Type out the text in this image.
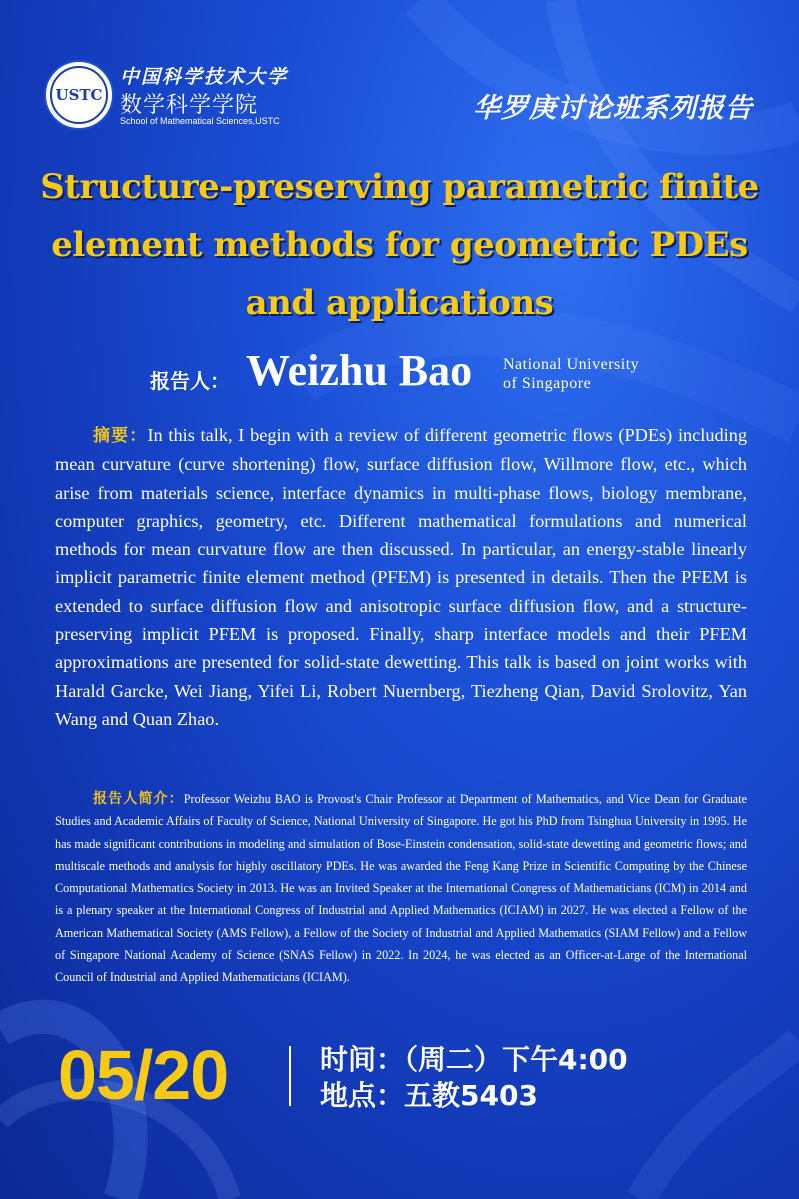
USTC
中国科学技术大学
数学科学学院
School of Mathematical Sciences,USTC	华罗庚讨论班系列报告
Structure-preserving parametric finite element methods for geometric PDEs and applications
报告人： Weizhu Bao National University
of Singapore
摘要：In this talk, I begin with a review of different geometric flows (PDEs) including mean curvature (curve shortening) flow, surface diffusion flow, Willmore flow, etc., which arise from materials science, interface dynamics in multi-phase flows, biology membrane, computer graphics, geometry, etc. Different mathematical formulations and numerical methods for mean curvature flow are then discussed. In particular, an energy-stable linearly implicit parametric finite element method (PFEM) is presented in details. Then the PFEM is extended to surface diffusion flow and anisotropic surface diffusion flow, and a structure-preserving implicit PFEM is proposed. Finally, sharp interface models and their PFEM approximations are presented for solid-state dewetting. This talk is based on joint works with Harald Garcke, Wei Jiang, Yifei Li, Robert Nuernberg, Tiezheng Qian, David Srolovitz, Yan Wang and Quan Zhao.
报告人简介：Professor Weizhu BAO is Provost's Chair Professor at Department of Mathematics, and Vice Dean for Graduate Studies and Academic Affairs of Faculty of Science, National University of Singapore. He got his PhD from Tsinghua University in 1995. He has made significant contributions in modeling and simulation of Bose-Einstein condensation, solid-state dewetting and geometric flows; and multiscale methods and analysis for highly oscillatory PDEs. He was awarded the Feng Kang Prize in Scientific Computing by the Chinese Computational Mathematics Society in 2013. He was an Invited Speaker at the International Congress of Mathematicians (ICM) in 2014 and is a plenary speaker at the International Congress of Industrial and Applied Mathematics (ICIAM) in 2027. He was elected a Fellow of the American Mathematical Society (AMS Fellow), a Fellow of the Society of Industrial and Applied Mathematics (SIAM Fellow) and a Fellow of Singapore National Academy of Science (SNAS Fellow) in 2022. In 2024, he was elected as an Officer-at-Large of the International Council of Industrial and Applied Mathematicians (ICIAM).
05/20	时间：（周二）下午4:00
地点：五教5403
